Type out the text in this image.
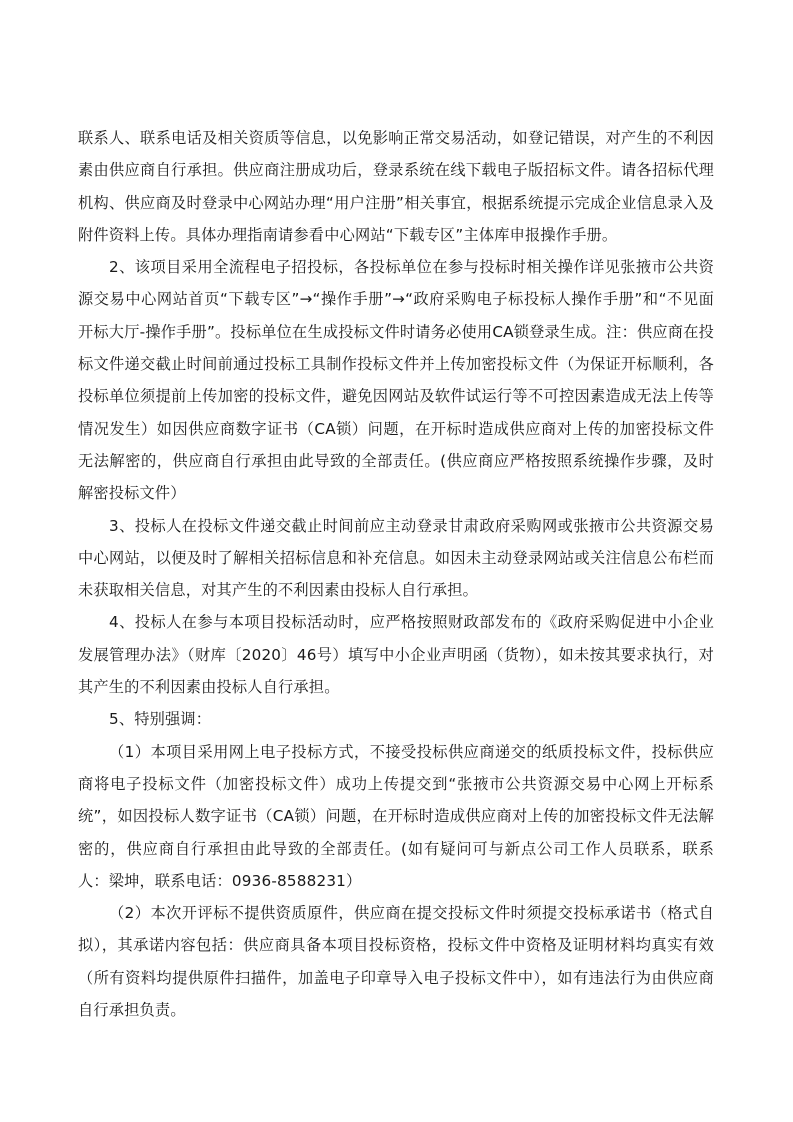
联系人、联系电话及相关资质等信息，以免影响正常交易活动，如登记错误，对产生的不利因素由供应商自行承担。供应商注册成功后，登录系统在线下载电子版招标文件。请各招标代理机构、供应商及时登录中心网站办理“用户注册”相关事宜，根据系统提示完成企业信息录入及附件资料上传。具体办理指南请参看中心网站“下载专区”主体库申报操作手册。

2、该项目采用全流程电子招投标，各投标单位在参与投标时相关操作详见张掖市公共资源交易中心网站首页“下载专区”→“操作手册”→“政府采购电子标投标人操作手册”和“不见面开标大厅-操作手册”。投标单位在生成投标文件时请务必使用CA锁登录生成。注：供应商在投标文件递交截止时间前通过投标工具制作投标文件并上传加密投标文件（为保证开标顺利，各投标单位须提前上传加密的投标文件，避免因网站及软件试运行等不可控因素造成无法上传等情况发生）如因供应商数字证书（CA锁）问题，在开标时造成供应商对上传的加密投标文件无法解密的，供应商自行承担由此导致的全部责任。(供应商应严格按照系统操作步骤，及时解密投标文件）

3、投标人在投标文件递交截止时间前应主动登录甘肃政府采购网或张掖市公共资源交易中心网站，以便及时了解相关招标信息和补充信息。如因未主动登录网站或关注信息公布栏而未获取相关信息，对其产生的不利因素由投标人自行承担。

4、投标人在参与本项目投标活动时，应严格按照财政部发布的《政府采购促进中小企业发展管理办法》（财库〔2020〕46号）填写中小企业声明函（货物），如未按其要求执行，对其产生的不利因素由投标人自行承担。

5、特别强调：

（1）本项目采用网上电子投标方式，不接受投标供应商递交的纸质投标文件，投标供应商将电子投标文件（加密投标文件）成功上传提交到“张掖市公共资源交易中心网上开标系统”，如因投标人数字证书（CA锁）问题，在开标时造成供应商对上传的加密投标文件无法解密的，供应商自行承担由此导致的全部责任。(如有疑问可与新点公司工作人员联系，联系人：梁坤，联系电话：0936-8588231）

（2）本次开评标不提供资质原件，供应商在提交投标文件时须提交投标承诺书（格式自拟），其承诺内容包括：供应商具备本项目投标资格，投标文件中资格及证明材料均真实有效（所有资料均提供原件扫描件，加盖电子印章导入电子投标文件中），如有违法行为由供应商自行承担负责。
